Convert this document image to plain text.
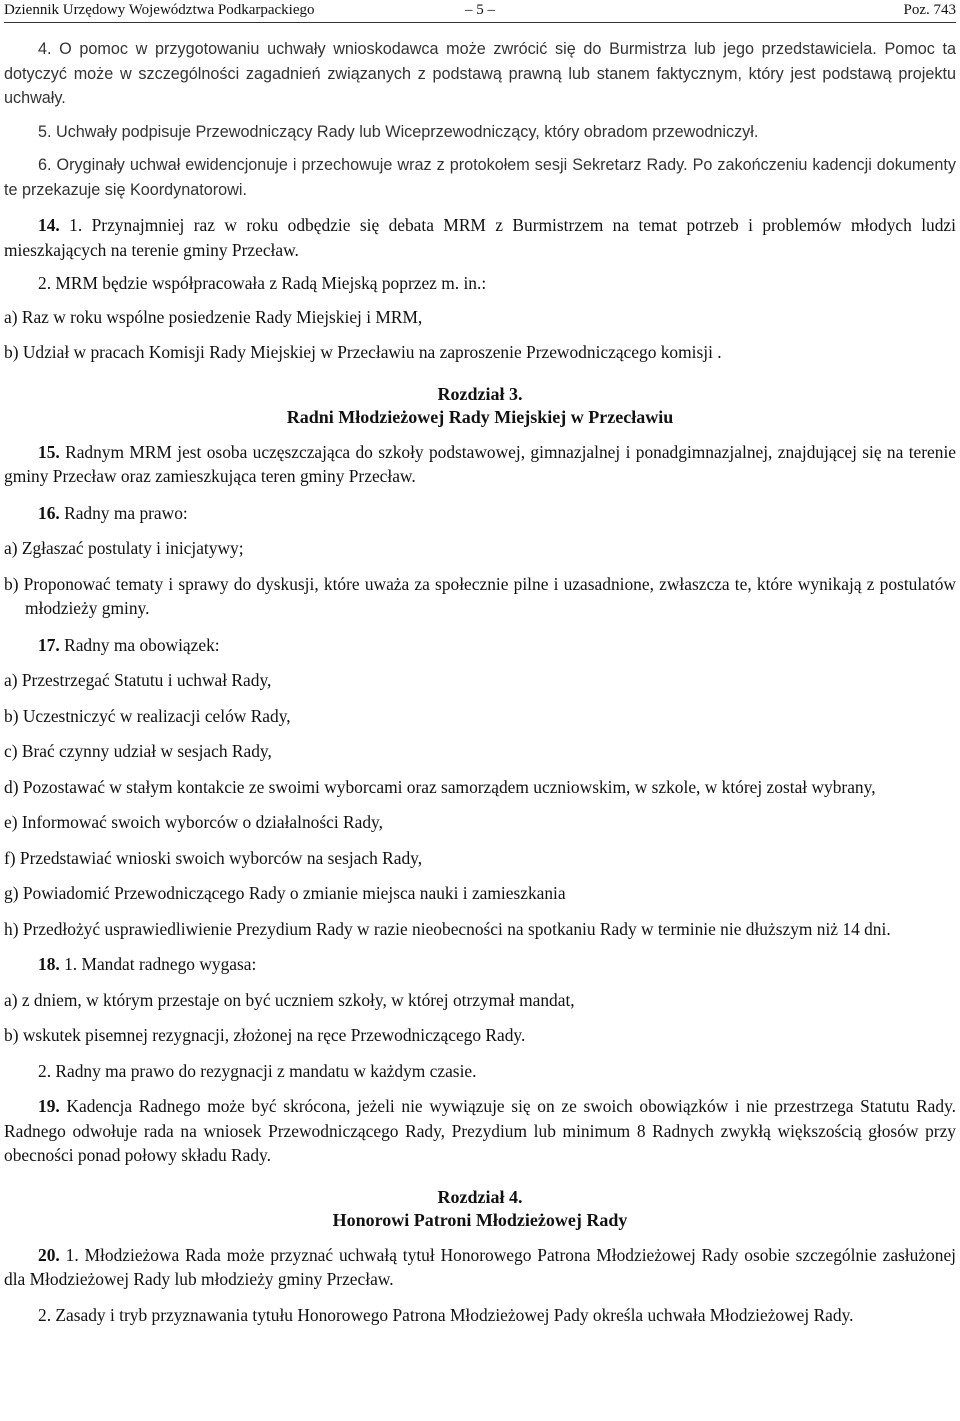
Dziennik Urzędowy Województwa Podkarpackiego	– 5 –	Poz. 743

4. O pomoc w przygotowaniu uchwały wnioskodawca może zwrócić się do Burmistrza lub jego przedstawiciela. Pomoc ta dotyczyć może w szczególności zagadnień związanych z podstawą prawną lub stanem faktycznym, który jest podstawą projektu uchwały.

5. Uchwały podpisuje Przewodniczący Rady lub Wiceprzewodniczący, który obradom przewodniczył.

6. Oryginały uchwał ewidencjonuje i przechowuje wraz z protokołem sesji Sekretarz Rady. Po zakończeniu kadencji dokumenty te przekazuje się Koordynatorowi.

14. 1. Przynajmniej raz w roku odbędzie się debata MRM z Burmistrzem na temat potrzeb i problemów młodych ludzi mieszkających na terenie gminy Przecław.

2. MRM będzie współpracowała z Radą Miejską poprzez m. in.:

a) Raz w roku wspólne posiedzenie Rady Miejskiej i MRM,

b) Udział w pracach Komisji Rady Miejskiej w Przecławiu na zaproszenie Przewodniczącego komisji .

Rozdział 3.

Radni Młodzieżowej Rady Miejskiej w Przecławiu

15. Radnym MRM jest osoba uczęszczająca do szkoły podstawowej, gimnazjalnej i ponadgimnazjalnej, znajdującej się na terenie gminy Przecław oraz zamieszkująca teren gminy Przecław.

16. Radny ma prawo:

a) Zgłaszać postulaty i inicjatywy;

b) Proponować tematy i sprawy do dyskusji, które uważa za społecznie pilne i uzasadnione, zwłaszcza te, które wynikają z postulatów młodzieży gminy.

17. Radny ma obowiązek:

a) Przestrzegać Statutu i uchwał Rady,

b) Uczestniczyć w realizacji celów Rady,

c) Brać czynny udział w sesjach Rady,

d) Pozostawać w stałym kontakcie ze swoimi wyborcami oraz samorządem uczniowskim, w szkole, w której został wybrany,

e) Informować swoich wyborców o działalności Rady,

f) Przedstawiać wnioski swoich wyborców na sesjach Rady,

g) Powiadomić Przewodniczącego Rady o zmianie miejsca nauki i zamieszkania

h) Przedłożyć usprawiedliwienie Prezydium Rady w razie nieobecności na spotkaniu Rady w terminie nie dłuższym niż 14 dni.

18. 1. Mandat radnego wygasa:

a) z dniem, w którym przestaje on być uczniem szkoły, w której otrzymał mandat,

b) wskutek pisemnej rezygnacji, złożonej na ręce Przewodniczącego Rady.

2. Radny ma prawo do rezygnacji z mandatu w każdym czasie.

19. Kadencja Radnego może być skrócona, jeżeli nie wywiązuje się on ze swoich obowiązków i nie przestrzega Statutu Rady. Radnego odwołuje rada na wniosek Przewodniczącego Rady, Prezydium lub minimum 8 Radnych zwykłą większością głosów przy obecności ponad połowy składu Rady.

Rozdział 4.

Honorowi Patroni Młodzieżowej Rady

20. 1. Młodzieżowa Rada może przyznać uchwałą tytuł Honorowego Patrona Młodzieżowej Rady osobie szczególnie zasłużonej dla Młodzieżowej Rady lub młodzieży gminy Przecław.

2. Zasady i tryb przyznawania tytułu Honorowego Patrona Młodzieżowej Pady określa uchwała Młodzieżowej Rady.
